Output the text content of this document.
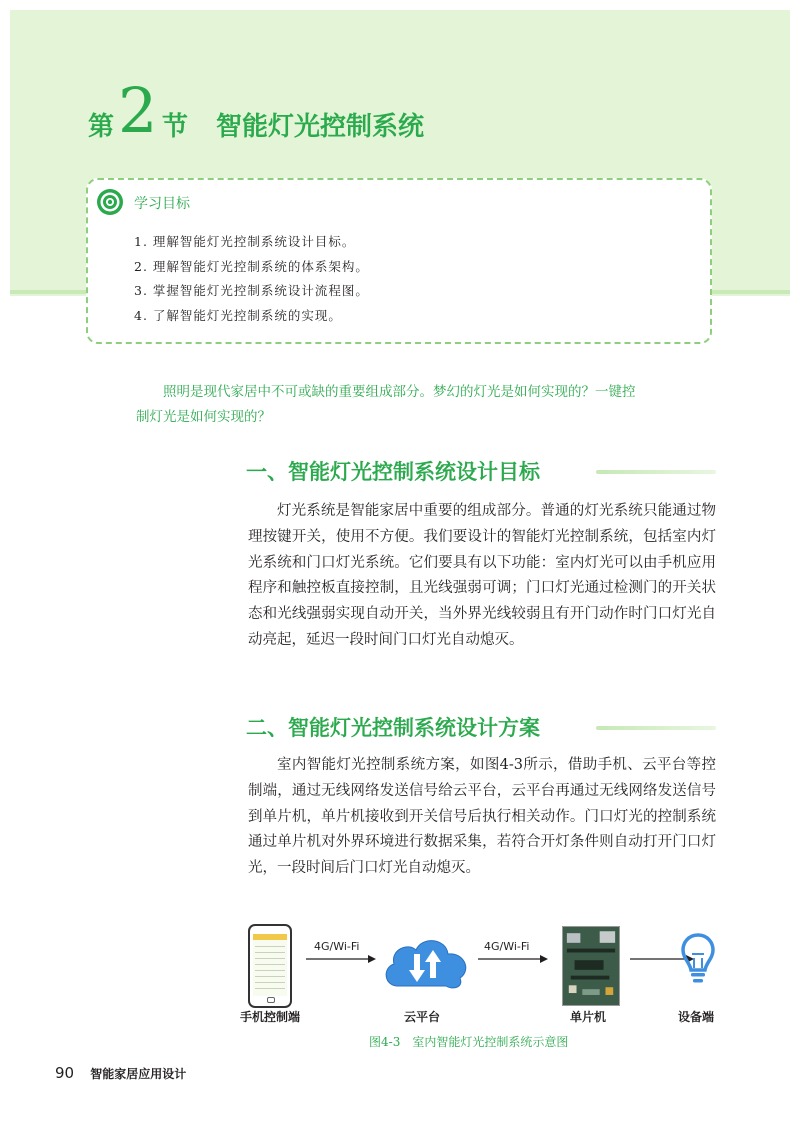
第 2 节 智能灯光控制系统
学习目标
1. 理解智能灯光控制系统设计目标。
2. 理解智能灯光控制系统的体系架构。
3. 掌握智能灯光控制系统设计流程图。
4. 了解智能灯光控制系统的实现。

照明是现代家居中不可或缺的重要组成部分。梦幻的灯光是如何实现的？一键控

制灯光是如何实现的？
一、智能灯光控制系统设计目标

灯光系统是智能家居中重要的组成部分。普通的灯光系统只能通过物理按键开关，使用不方便。我们要设计的智能灯光控制系统，包括室内灯光系统和门口灯光系统。它们要具有以下功能：室内灯光可以由手机应用程序和触控板直接控制，且光线强弱可调；门口灯光通过检测门的开关状态和光线强弱实现自动开关，当外界光线较弱且有开门动作时门口灯光自动亮起，延迟一段时间门口灯光自动熄灭。

二、智能灯光控制系统设计方案

室内智能灯光控制系统方案，如图4-3所示，借助手机、云平台等控制端，通过无线网络发送信号给云平台，云平台再通过无线网络发送信号到单片机，单片机接收到开关信号后执行相关动作。门口灯光的控制系统通过单片机对外界环境进行数据采集，若符合开灯条件则自动打开门口灯光，一段时间后门口灯光自动熄灭。

4G/Wi-Fi	4G/Wi-Fi
手机控制端	云平台	单片机	设备端
图4-3　室内智能灯光控制系统示意图
90 智能家居应用设计
